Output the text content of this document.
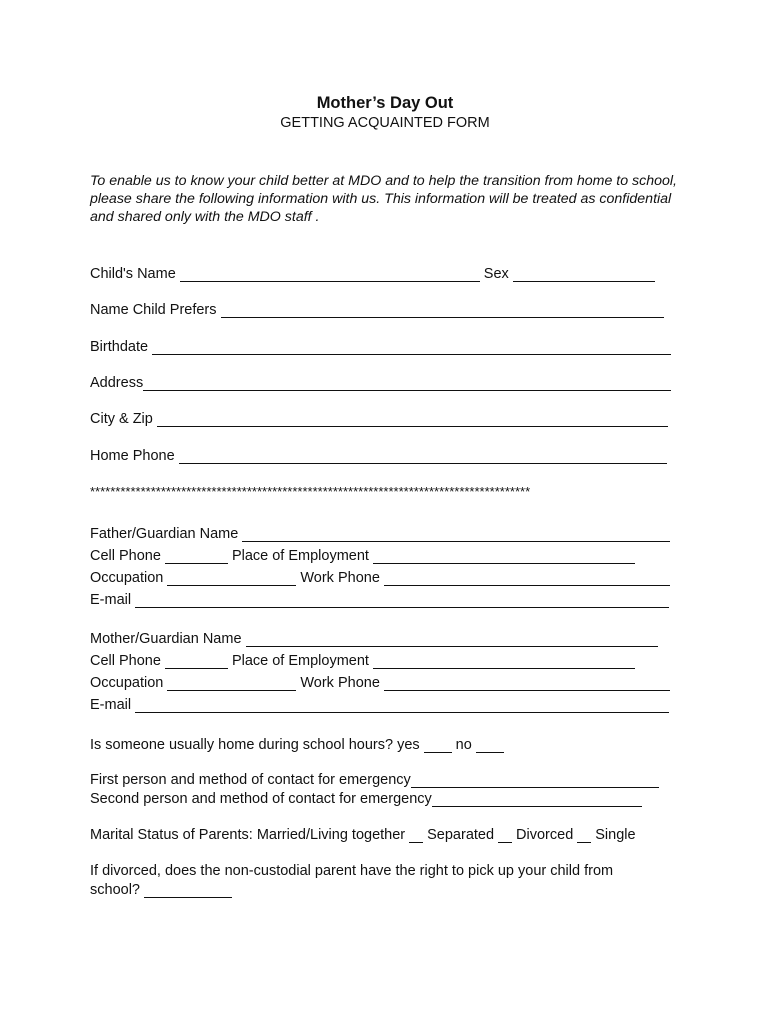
Mother’s Day Out
GETTING ACQUAINTED FORM
To enable us to know your child better at MDO and to help the transition from home to school, please share the following information with us. This information will be treated as confidential and shared only with the MDO staff .
Child's Name	Sex
Name Child Prefers
Birthdate
Address
City & Zip
Home Phone
***************************************************************************************
Father/Guardian Name
Cell Phone	Place of Employment
Occupation	Work Phone
E-mail
Mother/Guardian Name
Cell Phone	Place of Employment
Occupation	Work Phone
E-mail
Is someone usually home during school hours? yes no
First person and method of contact for emergency
Second person and method of contact for emergency
Marital Status of Parents: Married/Living together Separated Divorced Single
If divorced, does the non-custodial parent have the right to pick up your child from
school?
